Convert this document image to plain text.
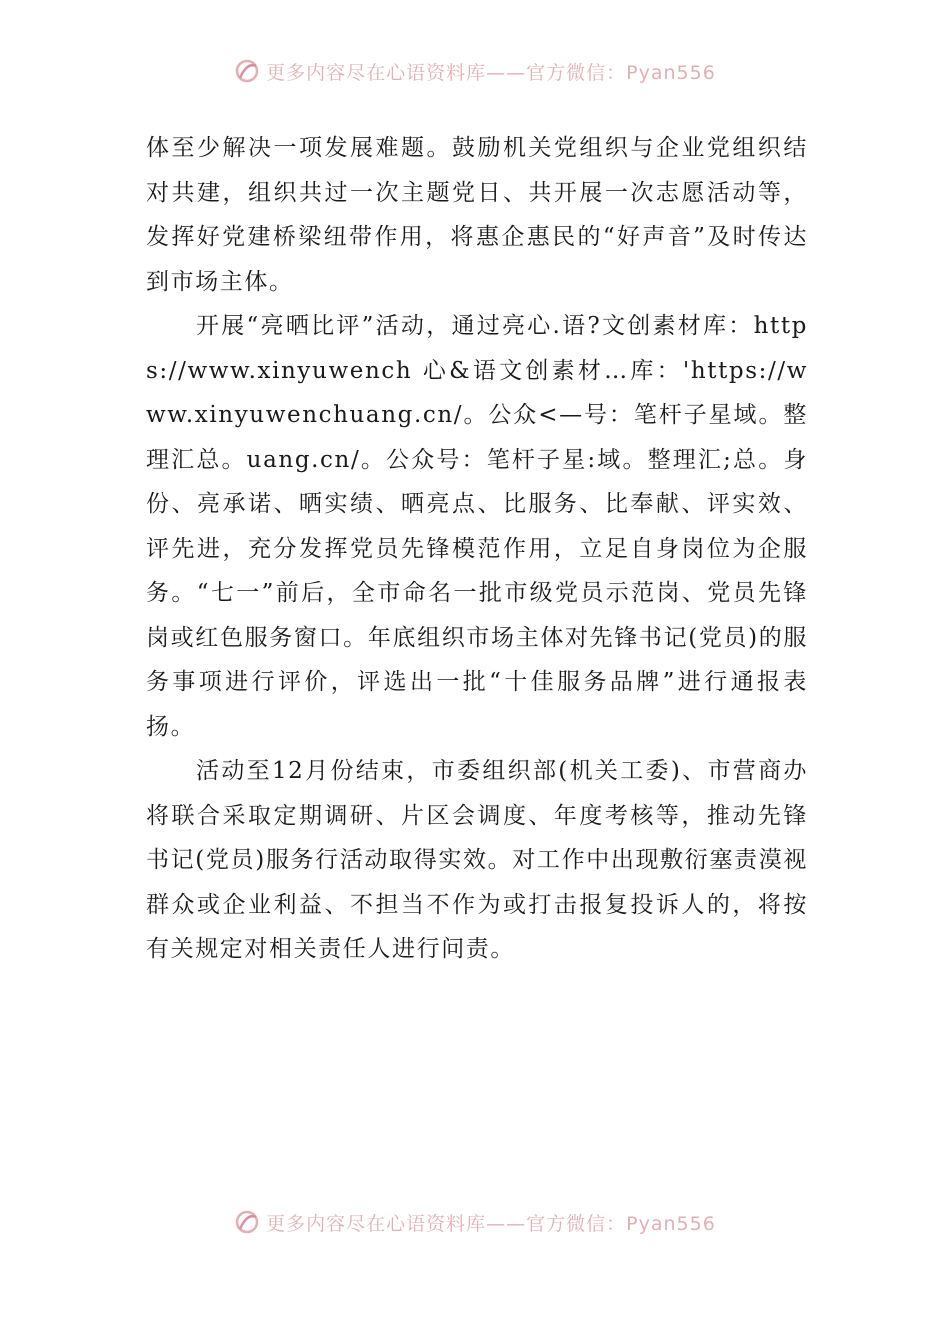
更多内容尽在心语资料库——官方微信：Pyan556

体至少解决一项发展难题。鼓励机关党组织与企业党组织结对共建，组织共过一次主题党日、共开展一次志愿活动等，发挥好党建桥梁纽带作用，将惠企惠民的“好声音”及时传达到市场主体。

开展“亮晒比评”活动，通过亮心.语?文创素材库：https://www.xinyuwench 心&语文创素材…库：'https://www.xinyuwenchuang.cn/。公众<—号：笔杆子星域。整理汇总。uang.cn/。公众号：笔杆子星:域。整理汇;总。身份、亮承诺、晒实绩、晒亮点、比服务、比奉献、评实效、评先进，充分发挥党员先锋模范作用，立足自身岗位为企服务。“七一”前后，全市命名一批市级党员示范岗、党员先锋岗或红色服务窗口。年底组织市场主体对先锋书记(党员)的服务事项进行评价，评选出一批“十佳服务品牌”进行通报表扬。

活动至12月份结束，市委组织部(机关工委)、市营商办将联合采取定期调研、片区会调度、年度考核等，推动先锋书记(党员)服务行活动取得实效。对工作中出现敷衍塞责漠视群众或企业利益、不担当不作为或打击报复投诉人的，将按有关规定对相关责任人进行问责。

更多内容尽在心语资料库——官方微信：Pyan556
